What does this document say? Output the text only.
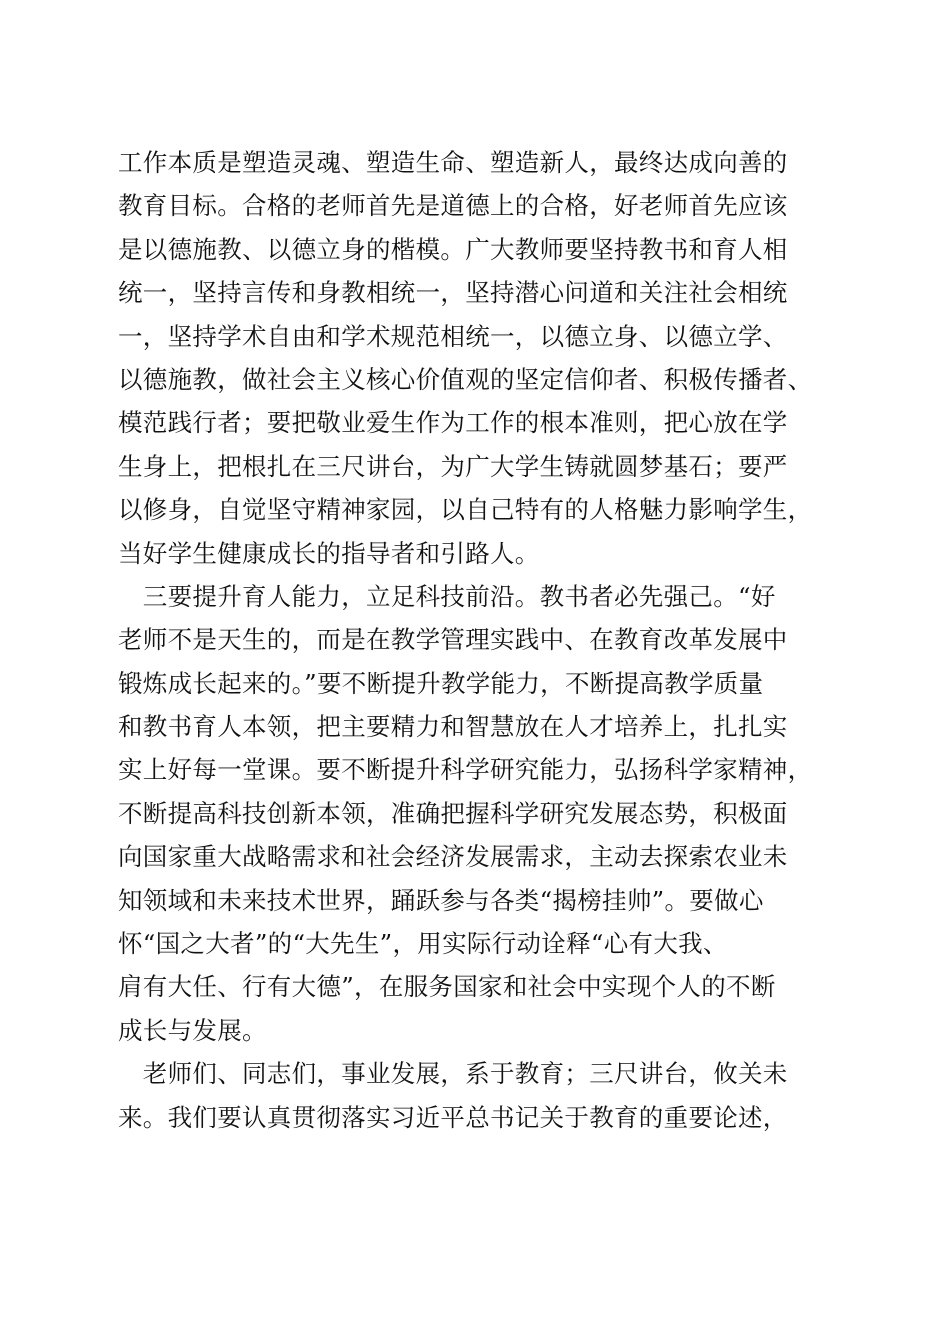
工作本质是塑造灵魂、塑造生命、塑造新人，最终达成向善的
教育目标。合格的老师首先是道德上的合格，好老师首先应该
是以德施教、以德立身的楷模。广大教师要坚持教书和育人相
统一，坚持言传和身教相统一，坚持潜心问道和关注社会相统
一，坚持学术自由和学术规范相统一，以德立身、以德立学、
以德施教，做社会主义核心价值观的坚定信仰者、积极传播者、
模范践行者；要把敬业爱生作为工作的根本准则，把心放在学
生身上，把根扎在三尺讲台，为广大学生铸就圆梦基石；要严
以修身，自觉坚守精神家园，以自己特有的人格魅力影响学生，
当好学生健康成长的指导者和引路人。
　三要提升育人能力，立足科技前沿。教书者必先强己。“好
老师不是天生的，而是在教学管理实践中、在教育改革发展中
锻炼成长起来的。”要不断提升教学能力，不断提高教学质量
和教书育人本领，把主要精力和智慧放在人才培养上，扎扎实
实上好每一堂课。要不断提升科学研究能力，弘扬科学家精神，
不断提高科技创新本领，准确把握科学研究发展态势，积极面
向国家重大战略需求和社会经济发展需求，主动去探索农业未
知领域和未来技术世界，踊跃参与各类“揭榜挂帅”。要做心
怀“国之大者”的“大先生”，用实际行动诠释“心有大我、
肩有大任、行有大德”，在服务国家和社会中实现个人的不断
成长与发展。
　老师们、同志们，事业发展，系于教育；三尺讲台，攸关未
来。我们要认真贯彻落实习近平总书记关于教育的重要论述，
